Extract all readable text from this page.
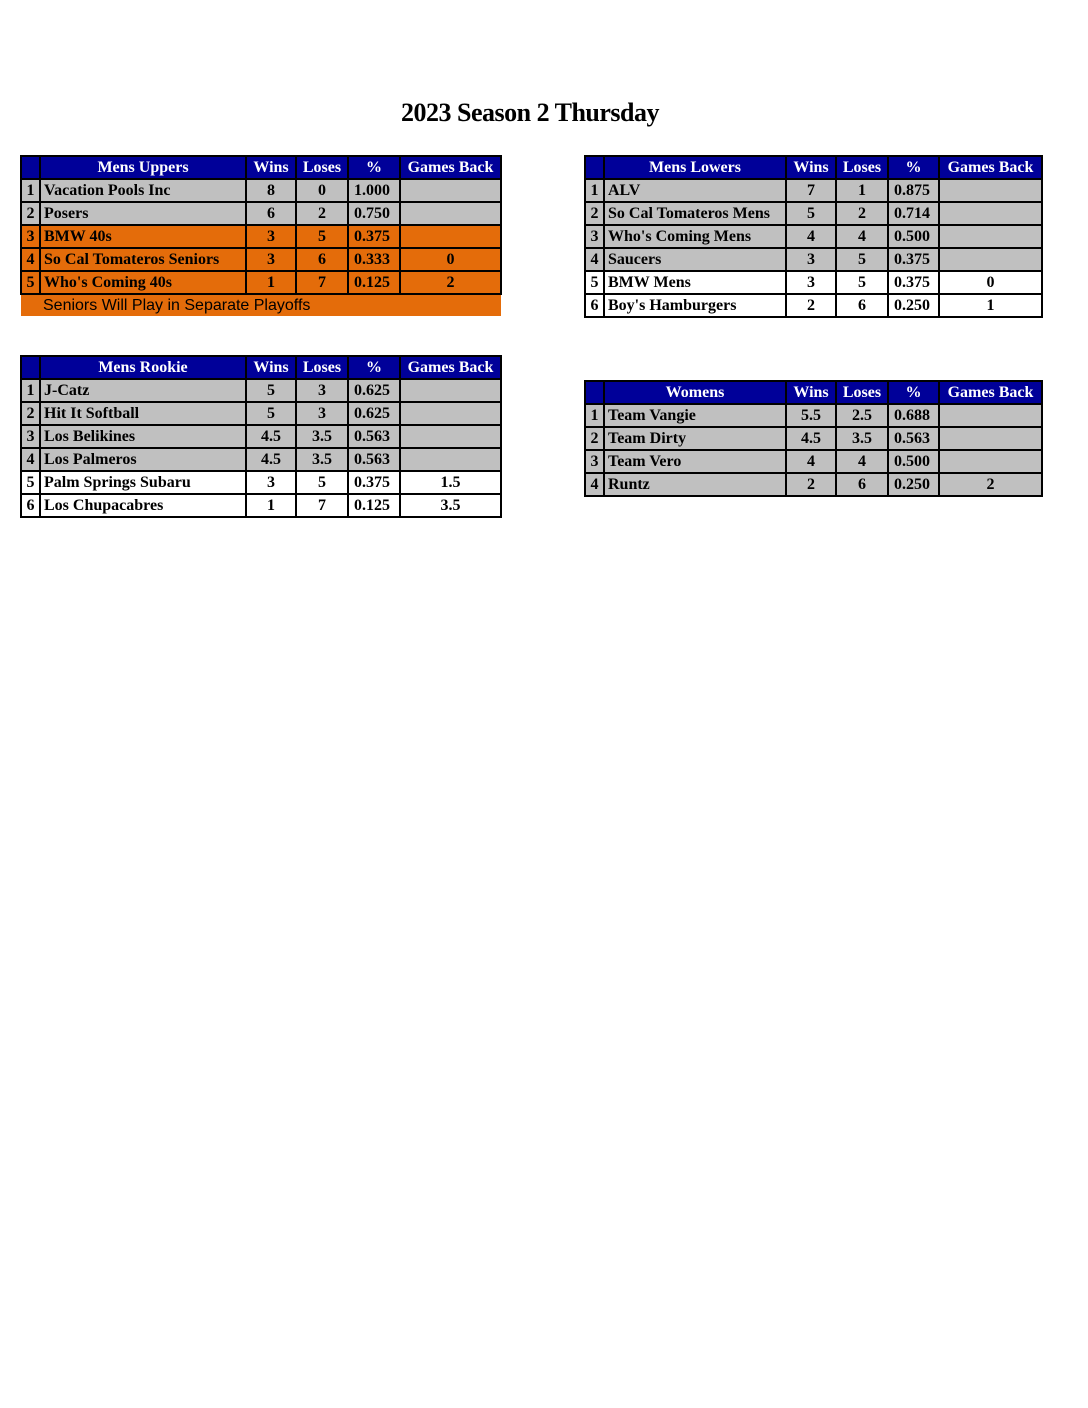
2023 Season 2 Thursday
	Mens Uppers	Wins	Loses	%	Games Back
1	Vacation Pools Inc	8	0	1.000	
2	Posers	6	2	0.750	
3	BMW 40s	3	5	0.375	
4	So Cal Tomateros Seniors	3	6	0.333	0
5	Who's Coming 40s	1	7	0.125	2
Seniors Will Play in Separate Playoffs					
	Mens Lowers	Wins	Loses	%	Games Back
1	ALV	7	1	0.875	
2	So Cal Tomateros Mens	5	2	0.714	
3	Who's Coming Mens	4	4	0.500	
4	Saucers	3	5	0.375	
5	BMW Mens	3	5	0.375	0
6	Boy's Hamburgers	2	6	0.250	1
	Mens Rookie	Wins	Loses	%	Games Back
1	J-Catz	5	3	0.625	
2	Hit It Softball	5	3	0.625	
3	Los Belikines	4.5	3.5	0.563	
4	Los Palmeros	4.5	3.5	0.563	
5	Palm Springs Subaru	3	5	0.375	1.5
6	Los Chupacabres	1	7	0.125	3.5
	Womens	Wins	Loses	%	Games Back
1	Team Vangie	5.5	2.5	0.688	
2	Team Dirty	4.5	3.5	0.563	
3	Team Vero	4	4	0.500	
4	Runtz	2	6	0.250	2
